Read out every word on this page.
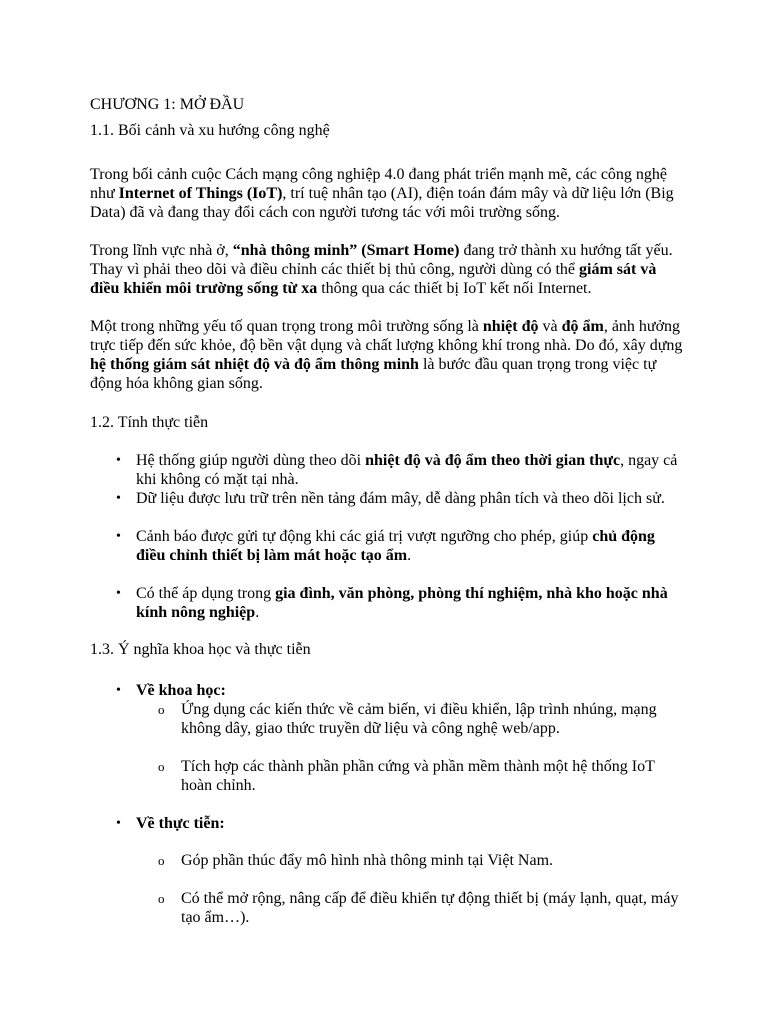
CHƯƠNG 1: MỞ ĐẦU

1.1. Bối cảnh và xu hướng công nghệ

Trong bối cảnh cuộc Cách mạng công nghiệp 4.0 đang phát triển mạnh mẽ, các công nghệ như Internet of Things (IoT), trí tuệ nhân tạo (AI), điện toán đám mây và dữ liệu lớn (Big Data) đã và đang thay đổi cách con người tương tác với môi trường sống.

Trong lĩnh vực nhà ở, “nhà thông minh” (Smart Home) đang trở thành xu hướng tất yếu. Thay vì phải theo dõi và điều chỉnh các thiết bị thủ công, người dùng có thể giám sát và điều khiển môi trường sống từ xa thông qua các thiết bị IoT kết nối Internet.

Một trong những yếu tố quan trọng trong môi trường sống là nhiệt độ và độ ẩm, ảnh hưởng trực tiếp đến sức khỏe, độ bền vật dụng và chất lượng không khí trong nhà. Do đó, xây dựng hệ thống giám sát nhiệt độ và độ ẩm thông minh là bước đầu quan trọng trong việc tự động hóa không gian sống.

1.2. Tính thực tiễn

• Hệ thống giúp người dùng theo dõi nhiệt độ và độ ẩm theo thời gian thực, ngay cả khi không có mặt tại nhà.

• Dữ liệu được lưu trữ trên nền tảng đám mây, dễ dàng phân tích và theo dõi lịch sử.

• Cảnh báo được gửi tự động khi các giá trị vượt ngưỡng cho phép, giúp chủ động điều chỉnh thiết bị làm mát hoặc tạo ẩm.

• Có thể áp dụng trong gia đình, văn phòng, phòng thí nghiệm, nhà kho hoặc nhà kính nông nghiệp.

1.3. Ý nghĩa khoa học và thực tiễn

• Về khoa học:

o Ứng dụng các kiến thức về cảm biến, vi điều khiển, lập trình nhúng, mạng không dây, giao thức truyền dữ liệu và công nghệ web/app.

o Tích hợp các thành phần phần cứng và phần mềm thành một hệ thống IoT hoàn chỉnh.

• Về thực tiễn:

o Góp phần thúc đẩy mô hình nhà thông minh tại Việt Nam.

o Có thể mở rộng, nâng cấp để điều khiển tự động thiết bị (máy lạnh, quạt, máy tạo ẩm…).
